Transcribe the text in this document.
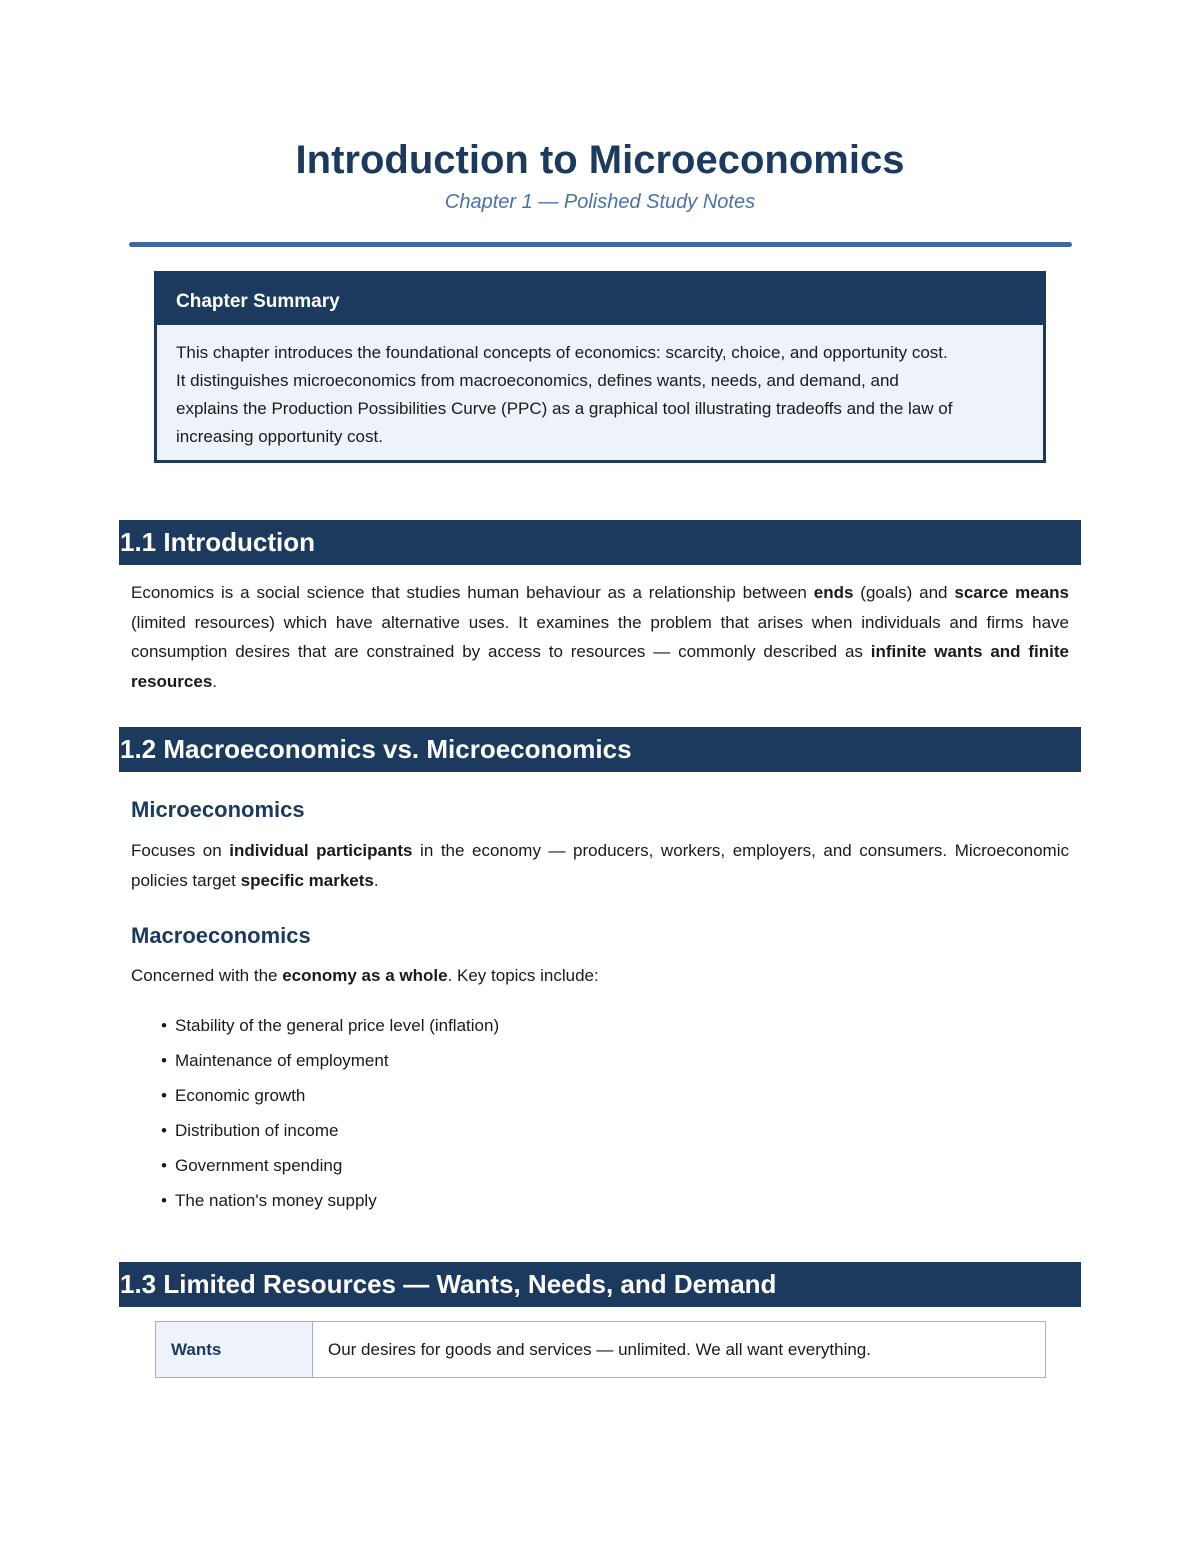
Introduction to Microeconomics
Chapter 1 — Polished Study Notes
Chapter Summary
This chapter introduces the foundational concepts of economics: scarcity, choice, and opportunity cost.
It distinguishes microeconomics from macroeconomics, defines wants, needs, and demand, and
explains the Production Possibilities Curve (PPC) as a graphical tool illustrating tradeoffs and the law of
increasing opportunity cost.
1.1 Introduction
Economics is a social science that studies human behaviour as a relationship between ends (goals) and scarce means (limited resources) which have alternative uses. It examines the problem that arises when individuals and firms have consumption desires that are constrained by access to resources — commonly described as infinite wants and finite resources.
1.2 Macroeconomics vs. Microeconomics
Microeconomics
Focuses on individual participants in the economy — producers, workers, employers, and consumers. Microeconomic policies target specific markets.
Macroeconomics
Concerned with the economy as a whole. Key topics include:
• Stability of the general price level (inflation)
• Maintenance of employment
• Economic growth
• Distribution of income
• Government spending
• The nation's money supply
1.3 Limited Resources — Wants, Needs, and Demand
Wants	Our desires for goods and services — unlimited. We all want everything.
